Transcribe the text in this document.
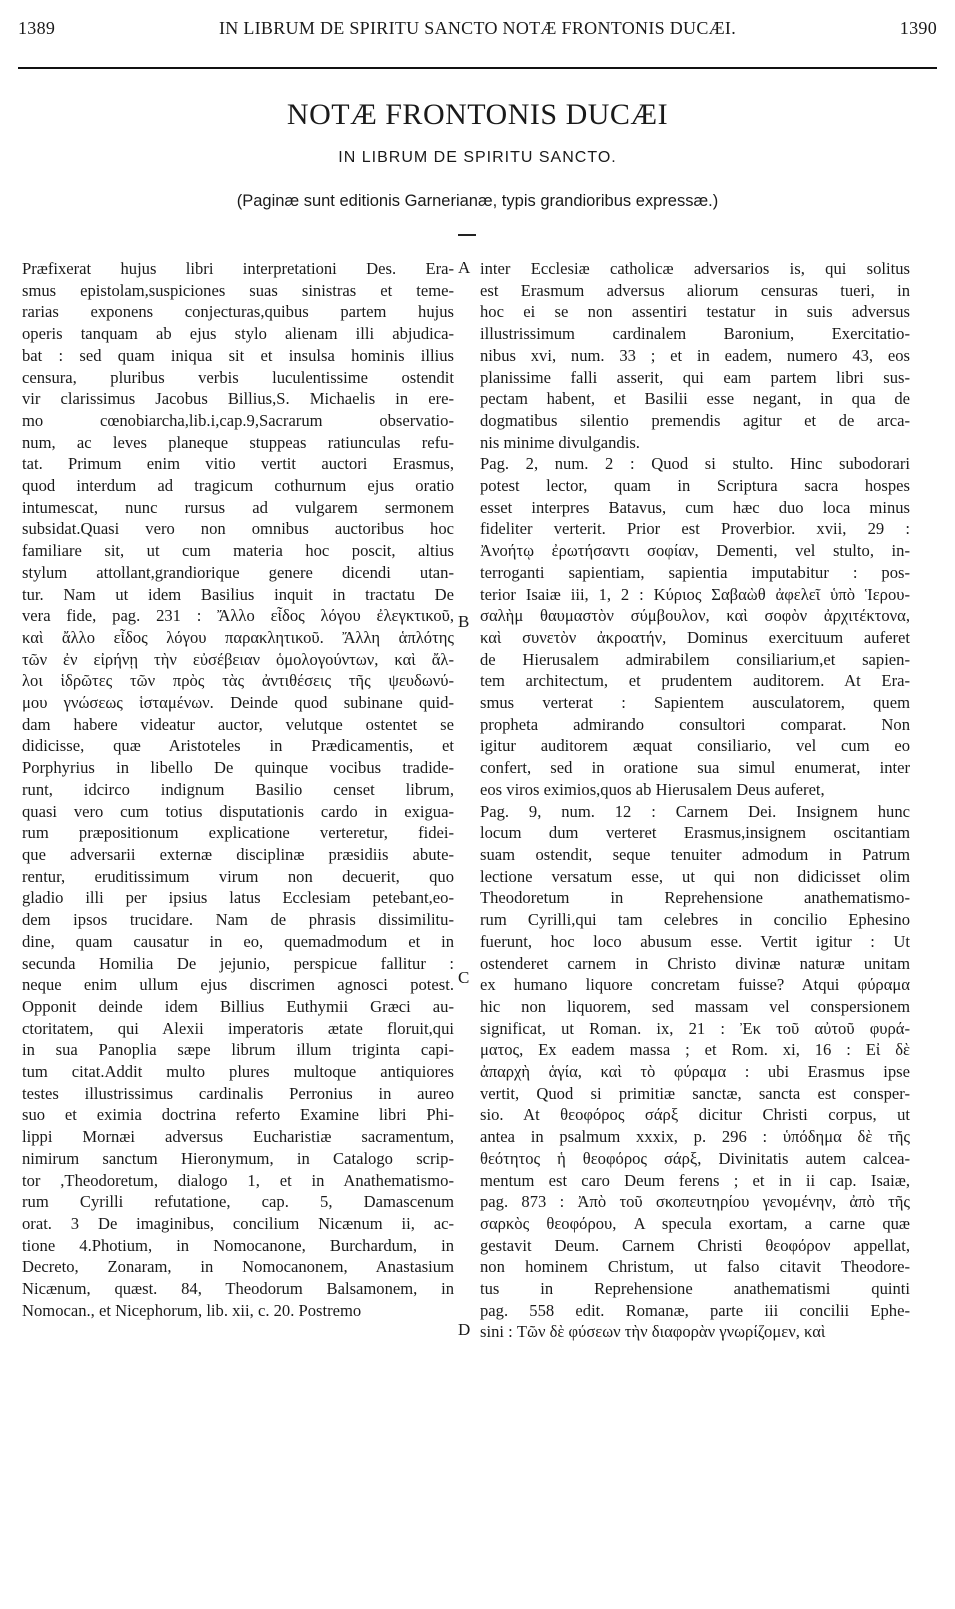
1389	IN LIBRUM DE SPIRITU SANCTO NOTÆ FRONTONIS DUCÆI.	1390
NOTÆ FRONTONIS DUCÆI
IN LIBRUM DE SPIRITU SANCTO.
(Paginæ sunt editionis Garnerianæ, typis grandioribus expressæ.)
Præfixerat hujus libri interpretationi Des. Era-
smus epistolam,suspiciones suas sinistras et teme-
rarias exponens conjecturas,quibus partem hujus
operis tanquam ab ejus stylo alienam illi abjudica-
bat : sed quam iniqua sit et insulsa hominis illius
censura, pluribus verbis luculentissime ostendit
vir clarissimus Jacobus Billius,S. Michaelis in ere-
mo cœnobiarcha,lib.i,cap.9,Sacrarum observatio-
num, ac leves planeque stuppeas ratiunculas refu-
tat. Primum enim vitio vertit auctori Erasmus,
quod interdum ad tragicum cothurnum ejus oratio
intumescat, nunc rursus ad vulgarem sermonem
subsidat.Quasi vero non omnibus auctoribus hoc
familiare sit, ut cum materia hoc poscit, altius
stylum attollant,grandiorique genere dicendi utan-
tur. Nam ut idem Basilius inquit in tractatu De
vera fide, pag. 231 : Ἄλλο εἶδος λόγου ἐλεγκτικοῦ,
καὶ ἄλλο εἶδος λόγου παρακλητικοῦ. Ἄλλη ἁπλότης
τῶν ἐν εἰρήνῃ τὴν εὐσέβειαν ὁμολογούντων, καὶ ἄλ-
λοι ἱδρῶτες τῶν πρὸς τὰς ἀντιθέσεις τῆς ψευδωνύ-
μου γνώσεως ἱσταμένων. Deinde quod subinane quid-
dam habere videatur auctor, velutque ostentet se
didicisse, quæ Aristoteles in Prædicamentis, et
Porphyrius in libello De quinque vocibus tradide-
runt, idcirco indignum Basilio censet librum,
quasi vero cum totius disputationis cardo in exigua-
rum præpositionum explicatione verteretur, fidei-
que adversarii externæ disciplinæ præsidiis abute-
rentur, eruditissimum virum non decuerit, quo
gladio illi per ipsius latus Ecclesiam petebant,eo-
dem ipsos trucidare. Nam de phrasis dissimilitu-
dine, quam causatur in eo, quemadmodum et in
secunda Homilia De jejunio, perspicue fallitur :
neque enim ullum ejus discrimen agnosci potest.
Opponit deinde idem Billius Euthymii Græci au-
ctoritatem, qui Alexii imperatoris ætate floruit,qui
in sua Panoplia sæpe librum illum triginta capi-
tum citat.Addit multo plures multoque antiquiores
testes illustrissimus cardinalis Perronius in aureo
suo et eximia doctrina referto Examine libri Phi-
lippi Mornæi adversus Eucharistiæ sacramentum,
nimirum sanctum Hieronymum, in Catalogo scrip-
tor ,Theodoretum, dialogo 1, et in Anathematismo-
rum Cyrilli refutatione, cap. 5, Damascenum
orat. 3 De imaginibus, concilium Nicænum ii, ac-
tione 4.Photium, in Nomocanone, Burchardum, in
Decreto, Zonaram, in Nomocanonem, Anastasium
Nicænum, quæst. 84, Theodorum Balsamonem, in
Nomocan., et Nicephorum, lib. xii, c. 20. Postremo
inter Ecclesiæ catholicæ adversarios is, qui solitus
est Erasmum adversus aliorum censuras tueri, in
hoc ei se non assentiri testatur in suis adversus
illustrissimum cardinalem Baronium, Exercitatio-
nibus xvi, num. 33 ; et in eadem, numero 43, eos
planissime falli asserit, qui eam partem libri sus-
pectam habent, et Basilii esse negant, in qua de
dogmatibus silentio premendis agitur et de arca-
nis minime divulgandis.
Pag. 2, num. 2 : Quod si stulto. Hinc subodorari
potest lector, quam in Scriptura sacra hospes
esset interpres Batavus, cum hæc duo loca minus
fideliter verterit. Prior est Proverbior. xvii, 29 :
Ἀνοήτῳ ἐρωτήσαντι σοφίαν, Dementi, vel stulto, in-
terroganti sapientiam, sapientia imputabitur : pos-
terior Isaiæ iii, 1, 2 : Κύριος Σαβαὼθ ἀφελεῖ ὑπὸ Ἱερου-
σαλὴμ θαυμαστὸν σύμβουλον, καὶ σοφὸν ἀρχιτέκτονα,
καὶ συνετὸν ἀκροατήν, Dominus exercituum auferet
de Hierusalem admirabilem consiliarium,et sapien-
tem architectum, et prudentem auditorem. At Era-
smus verterat : Sapientem ausculatorem, quem
propheta admirando consultori comparat. Non
igitur auditorem æquat consiliario, vel cum eo
confert, sed in oratione sua simul enumerat, inter
eos viros eximios,quos ab Hierusalem Deus auferet,
Pag. 9, num. 12 : Carnem Dei. Insignem hunc
locum dum verteret Erasmus,insignem oscitantiam
suam ostendit, seque tenuiter admodum in Patrum
lectione versatum esse, ut qui non didicisset olim
Theodoretum in Reprehensione anathematismo-
rum Cyrilli,qui tam celebres in concilio Ephesino
fuerunt, hoc loco abusum esse. Vertit igitur : Ut
ostenderet carnem in Christo divinæ naturæ unitam
ex humano liquore concretam fuisse? Atqui φύραμα
hic non liquorem, sed massam vel conspersionem
significat, ut Roman. ix, 21 : Ἐκ τοῦ αὐτοῦ φυρά-
ματος, Ex eadem massa ; et Rom. xi, 16 : Εἰ δὲ
ἀπαρχὴ ἁγία, καὶ τὸ φύραμα : ubi Erasmus ipse
vertit, Quod si primitiæ sanctæ, sancta est consper-
sio. At θεοφόρος σάρξ dicitur Christi corpus, ut
antea in psalmum xxxix, p. 296 : ὑπόδημα δὲ τῆς
θεότητος ἡ θεοφόρος σάρξ, Divinitatis autem calcea-
mentum est caro Deum ferens ; et in ii cap. Isaiæ,
pag. 873 : Ἀπὸ τοῦ σκοπευτηρίου γενομένην, ἀπὸ τῆς
σαρκὸς θεοφόρου, A specula exortam, a carne quæ
gestavit Deum. Carnem Christi θεοφόρον appellat,
non hominem Christum, ut falso citavit Theodore-
tus in Reprehensione anathematismi quinti
pag. 558 edit. Romanæ, parte iii concilii Ephe-
sini : Τῶν δὲ φύσεων τὴν διαφορὰν γνωρίζομεν, καὶ
A
B
C
D
